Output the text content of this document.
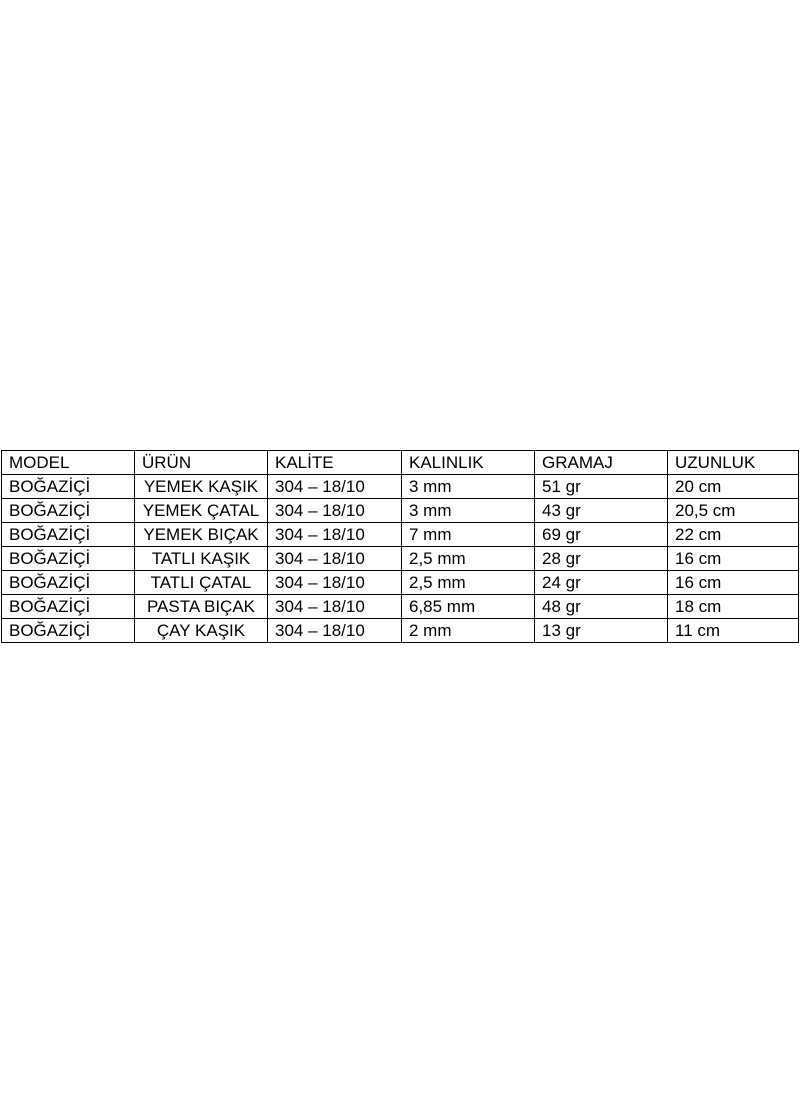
MODEL	ÜRÜN	KALİTE	KALINLIK	GRAMAJ	UZUNLUK
BOĞAZİÇİ	YEMEK KAŞIK	304 – 18/10	3 mm	51 gr	20 cm
BOĞAZİÇİ	YEMEK ÇATAL	304 – 18/10	3 mm	43 gr	20,5 cm
BOĞAZİÇİ	YEMEK BIÇAK	304 – 18/10	7 mm	69 gr	22 cm
BOĞAZİÇİ	TATLI KAŞIK	304 – 18/10	2,5 mm	28 gr	16 cm
BOĞAZİÇİ	TATLI ÇATAL	304 – 18/10	2,5 mm	24 gr	16 cm
BOĞAZİÇİ	PASTA BIÇAK	304 – 18/10	6,85 mm	48 gr	18 cm
BOĞAZİÇİ	ÇAY KAŞIK	304 – 18/10	2 mm	13 gr	11 cm
